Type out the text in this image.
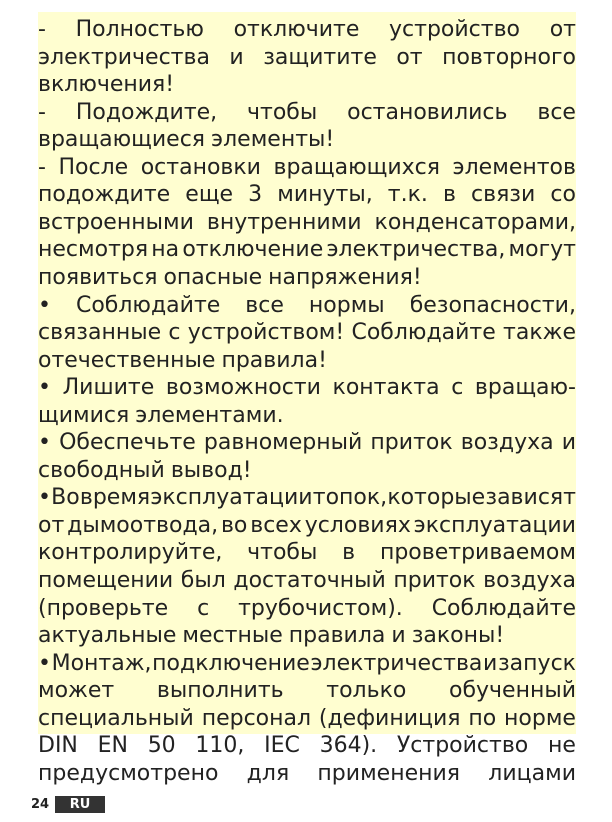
- Полностью отключите устройство от
электричества и защитите от повторного
включения!
- Подождите, чтобы остановились все
вращающиеся элементы!
- После остановки вращающихся элементов
подождите еще 3 минуты, т.к. в связи со
встроенными внутренними конденсаторами,
несмотря на отключение электричества, могут
появиться опасные напряжения!
• Соблюдайте все нормы безопасности,
связанные с устройством! Соблюдайте также
отечественные правила!
• Лишите возможности контакта с вращаю-
щимися элементами.
• Обеспечьте равномерный приток воздуха и
свободный вывод!
• Во время эксплуатации топок, которые зависят
от дымоотвода, во всех условиях эксплуатации
контролируйте, чтобы в проветриваемом
помещении был достаточный приток воздуха
(проверьте с трубочистом). Соблюдайте
актуальные местные правила и законы!
• Монтаж, подключение электричества и запуск
может выполнить только обученный
специальный персонал (дефиниция по норме
DIN EN 50 110, IEC 364). Устройство не
предусмотрено для применения лицами
24	RU
